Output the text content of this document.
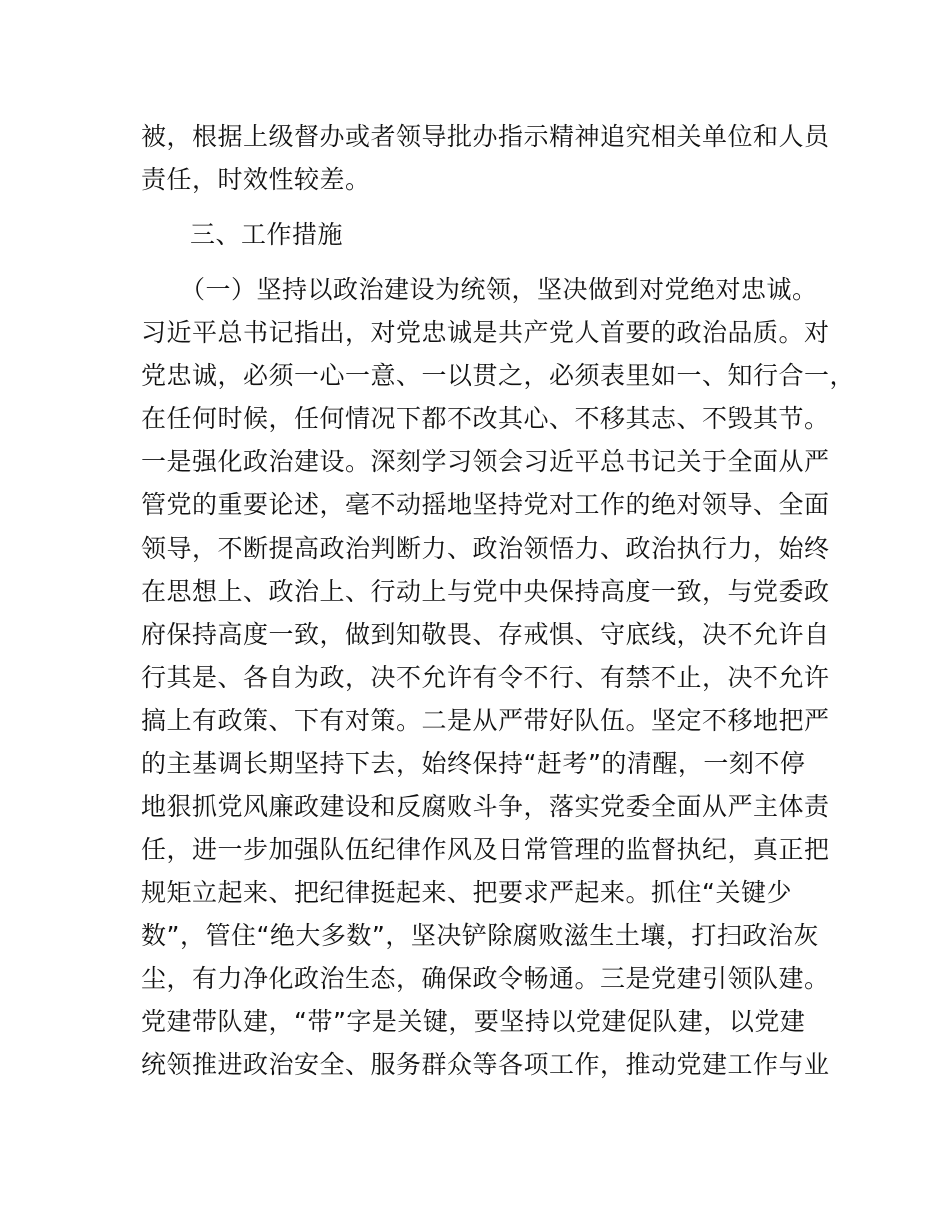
被，根据上级督办或者领导批办指示精神追究相关单位和人员
责任，时效性较差。
三、工作措施
（一）坚持以政治建设为统领，坚决做到对党绝对忠诚。
习近平总书记指出，对党忠诚是共产党人首要的政治品质。对
党忠诚，必须一心一意、一以贯之，必须表里如一、知行合一，
在任何时候，任何情况下都不改其心、不移其志、不毁其节。
一是强化政治建设。深刻学习领会习近平总书记关于全面从严
管党的重要论述，毫不动摇地坚持党对工作的绝对领导、全面
领导，不断提高政治判断力、政治领悟力、政治执行力，始终
在思想上、政治上、行动上与党中央保持高度一致，与党委政
府保持高度一致，做到知敬畏、存戒惧、守底线，决不允许自
行其是、各自为政，决不允许有令不行、有禁不止，决不允许
搞上有政策、下有对策。二是从严带好队伍。坚定不移地把严
的主基调长期坚持下去，始终保持“赶考”的清醒，一刻不停
地狠抓党风廉政建设和反腐败斗争，落实党委全面从严主体责
任，进一步加强队伍纪律作风及日常管理的监督执纪，真正把
规矩立起来、把纪律挺起来、把要求严起来。抓住“关键少
数”，管住“绝大多数”，坚决铲除腐败滋生土壤，打扫政治灰
尘，有力净化政治生态，确保政令畅通。三是党建引领队建。
党建带队建，“带”字是关键，要坚持以党建促队建，以党建
统领推进政治安全、服务群众等各项工作，推动党建工作与业
